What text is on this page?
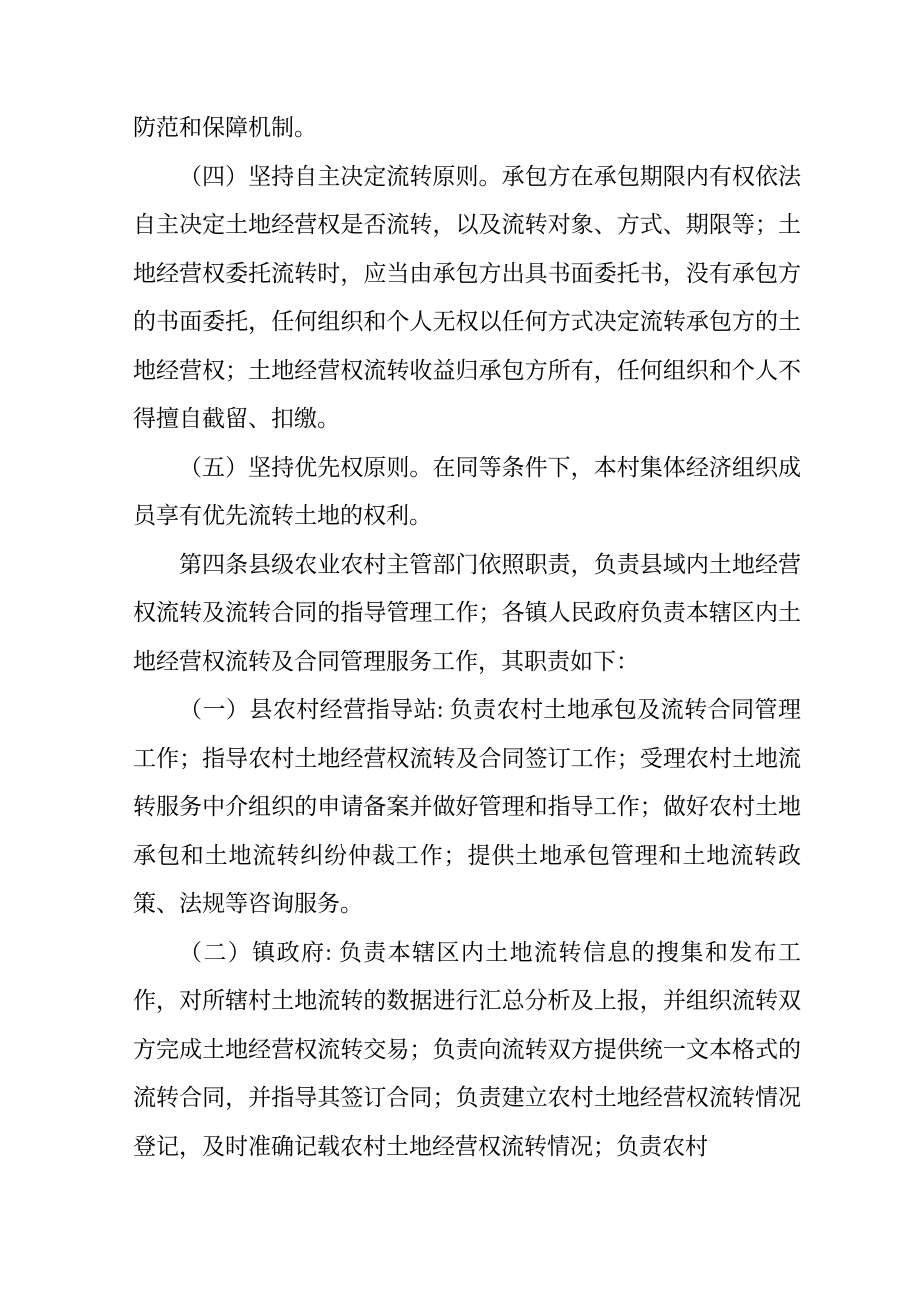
防范和保障机制。

（四）坚持自主决定流转原则。承包方在承包期限内有权依法自主决定土地经营权是否流转，以及流转对象、方式、期限等；土地经营权委托流转时，应当由承包方出具书面委托书，没有承包方的书面委托，任何组织和个人无权以任何方式决定流转承包方的土地经营权；土地经营权流转收益归承包方所有，任何组织和个人不得擅自截留、扣缴。

（五）坚持优先权原则。在同等条件下，本村集体经济组织成员享有优先流转土地的权利。

第四条县级农业农村主管部门依照职责，负责县域内土地经营权流转及流转合同的指导管理工作；各镇人民政府负责本辖区内土地经营权流转及合同管理服务工作，其职责如下：

（一）县农村经营指导站: 负责农村土地承包及流转合同管理工作；指导农村土地经营权流转及合同签订工作；受理农村土地流转服务中介组织的申请备案并做好管理和指导工作；做好农村土地承包和土地流转纠纷仲裁工作；提供土地承包管理和土地流转政策、法规等咨询服务。

（二）镇政府: 负责本辖区内土地流转信息的搜集和发布工作，对所辖村土地流转的数据进行汇总分析及上报，并组织流转双方完成土地经营权流转交易；负责向流转双方提供统一文本格式的流转合同，并指导其签订合同；负责建立农村土地经营权流转情况登记，及时准确记载农村土地经营权流转情况；负责农村
